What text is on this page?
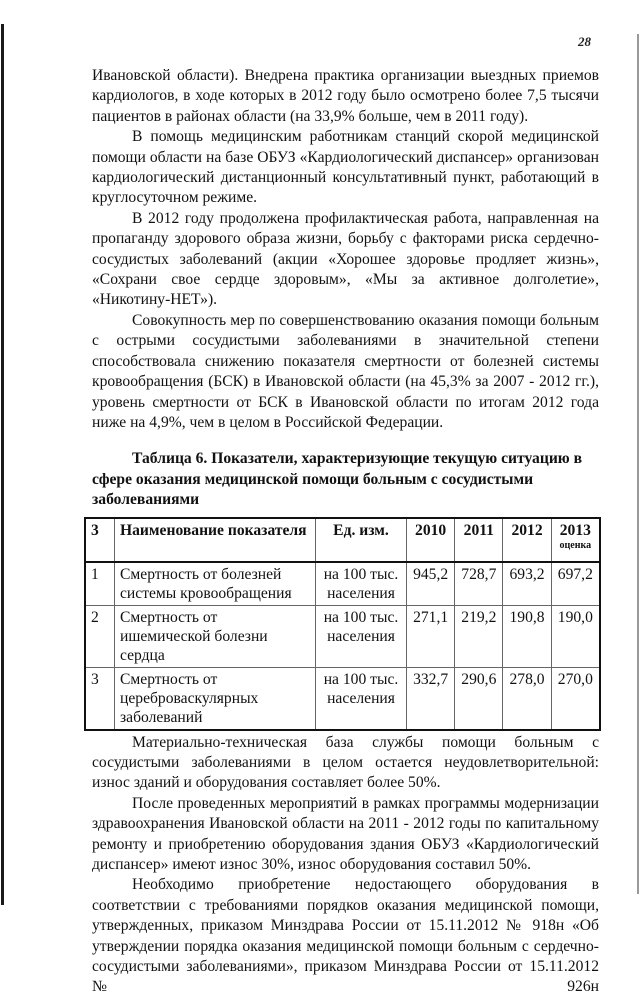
28

Ивановской области). Внедрена практика организации выездных приемов кардиологов, в ходе которых в 2012 году было осмотрено более 7,5 тысячи пациентов в районах области (на 33,9% больше, чем в 2011 году).

В помощь медицинским работникам станций скорой медицинской помощи области на базе ОБУЗ «Кардиологический диспансер» организован кардиологический дистанционный консультативный пункт, работающий в круглосуточном режиме.

В 2012 году продолжена профилактическая работа, направленная на пропаганду здорового образа жизни, борьбу с факторами риска сердечно-сосудистых заболеваний (акции «Хорошее здоровье продляет жизнь», «Сохрани свое сердце здоровым», «Мы за активное долголетие», «Никотину-НЕТ»).

Совокупность мер по совершенствованию оказания помощи больным с острыми сосудистыми заболеваниями в значительной степени способствовала снижению показателя смертности от болезней системы кровообращения (БСК) в Ивановской области (на 45,3% за 2007 - 2012 гг.), уровень смертности от БСК в Ивановской области по итогам 2012 года ниже на 4,9%, чем в целом в Российской Федерации.

Таблица 6. Показатели, характеризующие текущую ситуацию в сфере оказания медицинской помощи больным с сосудистыми заболеваниями
3	Наименование показателя	Ед. изм.	2010	2011	2012	2013
оценка

1	Смертность от болезней системы кровообращения	на 100 тыс. населения	945,2	728,7	693,2	697,2
2	Смертность от ишемической болезни сердца	на 100 тыс. населения	271,1	219,2	190,8	190,0
3	Смертность от цереброваскулярных заболеваний	на 100 тыс. населения	332,7	290,6	278,0	270,0

Материально-техническая база службы помощи больным с сосудистыми заболеваниями в целом остается неудовлетворительной: износ зданий и оборудования составляет более 50%.

После проведенных мероприятий в рамках программы модернизации здравоохранения Ивановской области на 2011 - 2012 годы по капитальному ремонту и приобретению оборудования здания ОБУЗ «Кардиологический диспансер» имеют износ 30%, износ оборудования составил 50%.

Необходимо приобретение недостающего оборудования в соответствии с требованиями порядков оказания медицинской помощи, утвержденных, приказом Минздрава России от 15.11.2012 № 918н «Об утверждении порядка оказания медицинской помощи больным с сердечно-сосудистыми заболеваниями», приказом Минздрава России от 15.11.2012 № 926н
